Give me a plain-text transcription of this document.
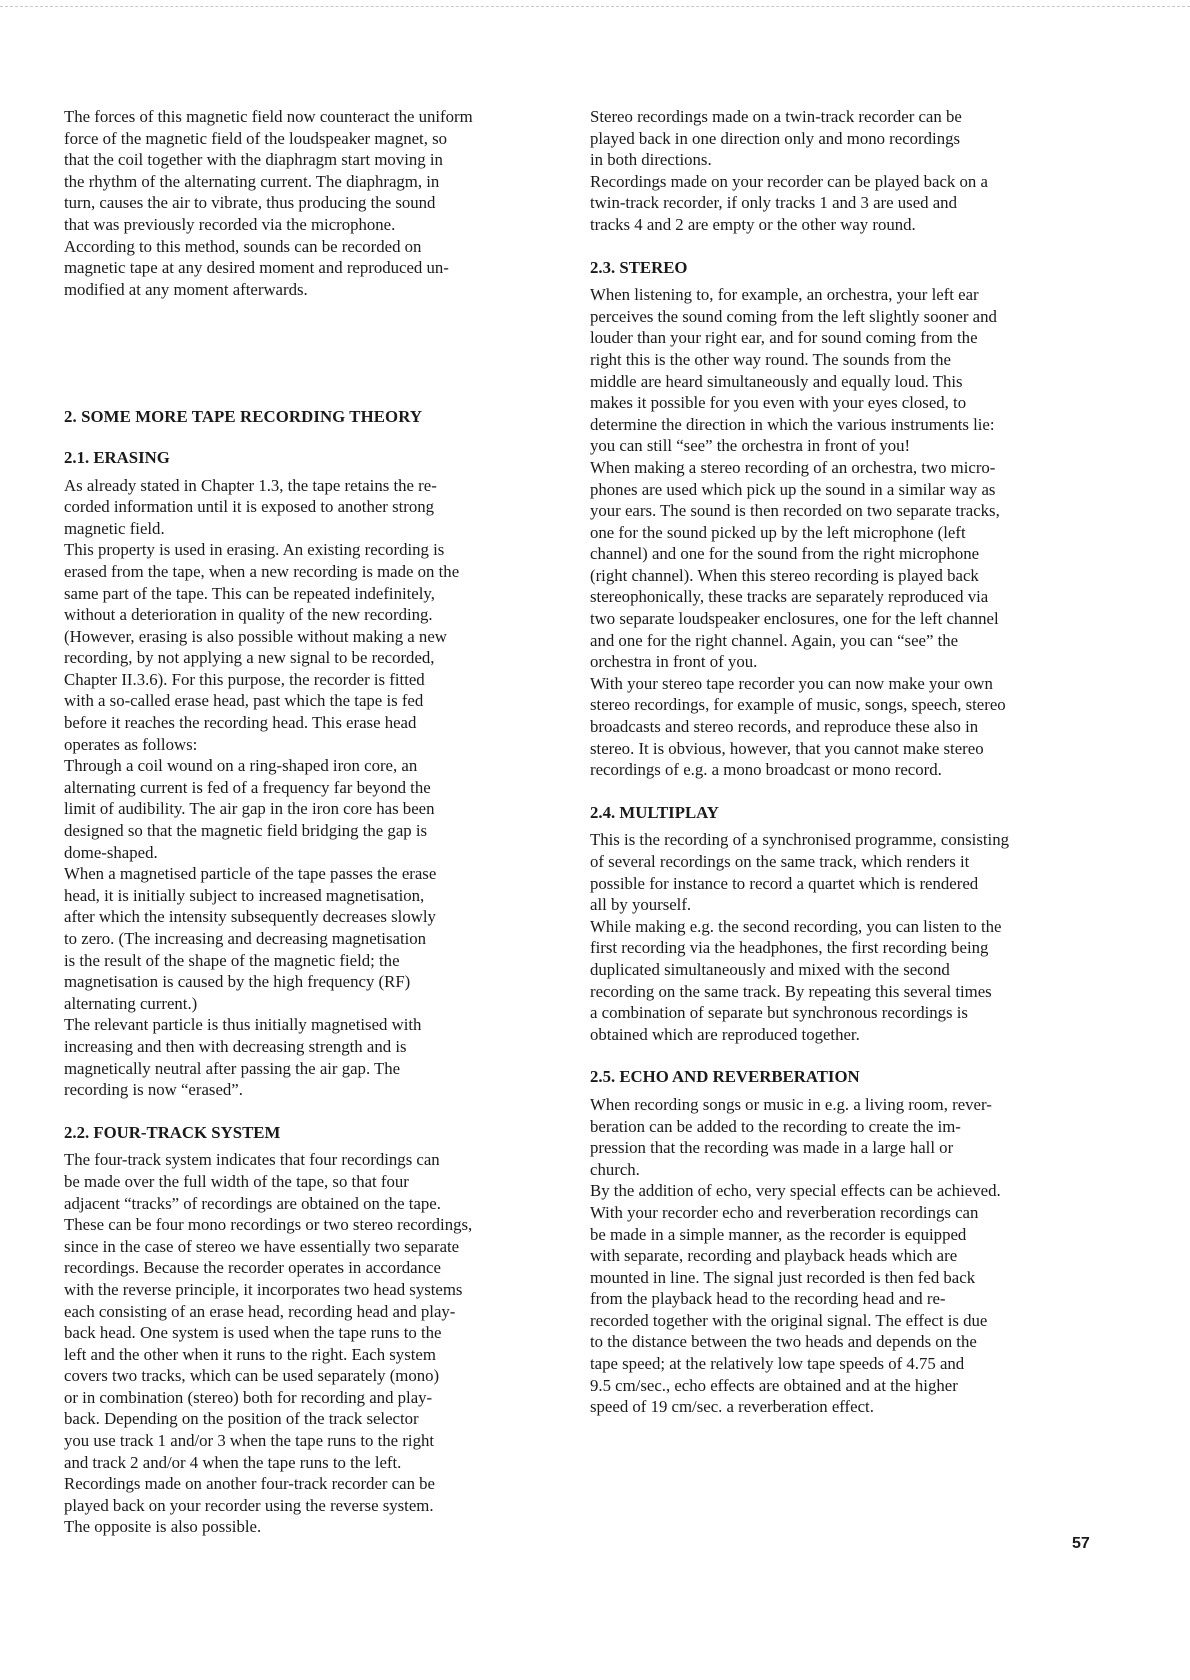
The forces of this magnetic field now counteract the uniform

force of the magnetic field of the loudspeaker magnet, so

that the coil together with the diaphragm start moving in

the rhythm of the alternating current. The diaphragm, in

turn, causes the air to vibrate, thus producing the sound

that was previously recorded via the microphone.

According to this method, sounds can be recorded on

magnetic tape at any desired moment and reproduced un-

modified at any moment afterwards.

2. SOME MORE TAPE RECORDING THEORY
2.1. ERASING

As already stated in Chapter 1.3, the tape retains the re-

corded information until it is exposed to another strong

magnetic field.

This property is used in erasing. An existing recording is

erased from the tape, when a new recording is made on the

same part of the tape. This can be repeated indefinitely,

without a deterioration in quality of the new recording.

(However, erasing is also possible without making a new

recording, by not applying a new signal to be recorded,

Chapter II.3.6). For this purpose, the recorder is fitted

with a so-called erase head, past which the tape is fed

before it reaches the recording head. This erase head

operates as follows:

Through a coil wound on a ring-shaped iron core, an

alternating current is fed of a frequency far beyond the

limit of audibility. The air gap in the iron core has been

designed so that the magnetic field bridging the gap is

dome-shaped.

When a magnetised particle of the tape passes the erase

head, it is initially subject to increased magnetisation,

after which the intensity subsequently decreases slowly

to zero. (The increasing and decreasing magnetisation

is the result of the shape of the magnetic field; the

magnetisation is caused by the high frequency (RF)

alternating current.)

The relevant particle is thus initially magnetised with

increasing and then with decreasing strength and is

magnetically neutral after passing the air gap. The

recording is now “erased”.

2.2. FOUR-TRACK SYSTEM

The four-track system indicates that four recordings can

be made over the full width of the tape, so that four

adjacent “tracks” of recordings are obtained on the tape.

These can be four mono recordings or two stereo recordings,

since in the case of stereo we have essentially two separate

recordings. Because the recorder operates in accordance

with the reverse principle, it incorporates two head systems

each consisting of an erase head, recording head and play-

back head. One system is used when the tape runs to the

left and the other when it runs to the right. Each system

covers two tracks, which can be used separately (mono)

or in combination (stereo) both for recording and play-

back. Depending on the position of the track selector

you use track 1 and/or 3 when the tape runs to the right

and track 2 and/or 4 when the tape runs to the left.

Recordings made on another four-track recorder can be

played back on your recorder using the reverse system.

The opposite is also possible.

Stereo recordings made on a twin-track recorder can be

played back in one direction only and mono recordings

in both directions.

Recordings made on your recorder can be played back on a

twin-track recorder, if only tracks 1 and 3 are used and

tracks 4 and 2 are empty or the other way round.

2.3. STEREO

When listening to, for example, an orchestra, your left ear

perceives the sound coming from the left slightly sooner and

louder than your right ear, and for sound coming from the

right this is the other way round. The sounds from the

middle are heard simultaneously and equally loud. This

makes it possible for you even with your eyes closed, to

determine the direction in which the various instruments lie:

you can still “see” the orchestra in front of you!

When making a stereo recording of an orchestra, two micro-

phones are used which pick up the sound in a similar way as

your ears. The sound is then recorded on two separate tracks,

one for the sound picked up by the left microphone (left

channel) and one for the sound from the right microphone

(right channel). When this stereo recording is played back

stereophonically, these tracks are separately reproduced via

two separate loudspeaker enclosures, one for the left channel

and one for the right channel. Again, you can “see” the

orchestra in front of you.

With your stereo tape recorder you can now make your own

stereo recordings, for example of music, songs, speech, stereo

broadcasts and stereo records, and reproduce these also in

stereo. It is obvious, however, that you cannot make stereo

recordings of e.g. a mono broadcast or mono record.

2.4. MULTIPLAY

This is the recording of a synchronised programme, consisting

of several recordings on the same track, which renders it

possible for instance to record a quartet which is rendered

all by yourself.

While making e.g. the second recording, you can listen to the

first recording via the headphones, the first recording being

duplicated simultaneously and mixed with the second

recording on the same track. By repeating this several times

a combination of separate but synchronous recordings is

obtained which are reproduced together.

2.5. ECHO AND REVERBERATION

When recording songs or music in e.g. a living room, rever-

beration can be added to the recording to create the im-

pression that the recording was made in a large hall or

church.

By the addition of echo, very special effects can be achieved.

With your recorder echo and reverberation recordings can

be made in a simple manner, as the recorder is equipped

with separate, recording and playback heads which are

mounted in line. The signal just recorded is then fed back

from the playback head to the recording head and re-

recorded together with the original signal. The effect is due

to the distance between the two heads and depends on the

tape speed; at the relatively low tape speeds of 4.75 and

9.5 cm/sec., echo effects are obtained and at the higher

speed of 19 cm/sec. a reverberation effect.

57
